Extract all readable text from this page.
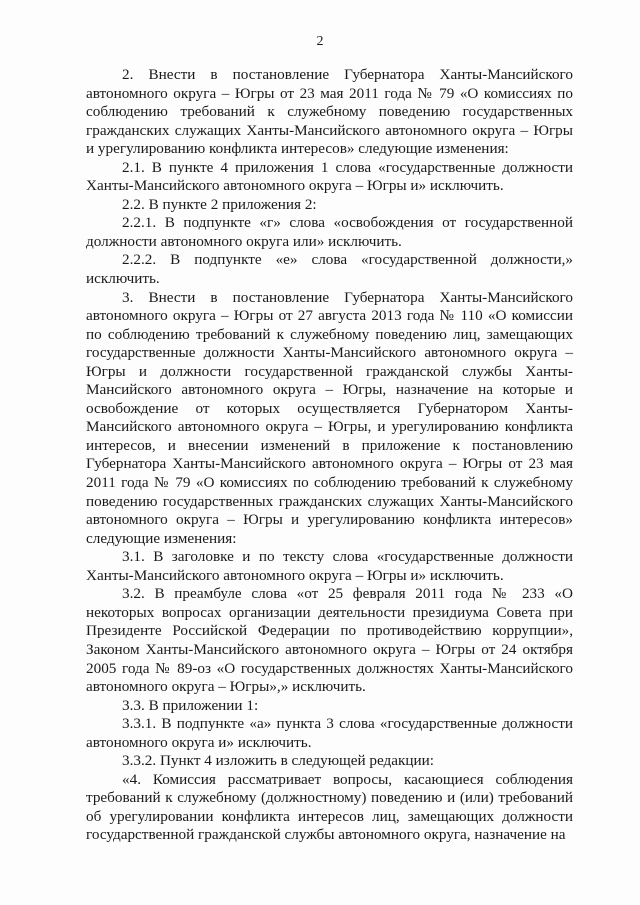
2

2. Внести в постановление Губернатора Ханты-Мансийского автономного округа – Югры от 23 мая 2011 года № 79 «О комиссиях по соблюдению требований к служебному поведению государственных гражданских служащих Ханты-Мансийского автономного округа – Югры и урегулированию конфликта интересов» следующие изменения:

2.1. В пункте 4 приложения 1 слова «государственные должности Ханты-Мансийского автономного округа – Югры и» исключить.

2.2. В пункте 2 приложения 2:

2.2.1. В подпункте «г» слова «освобождения от государственной должности автономного округа или» исключить.

2.2.2. В подпункте «е» слова «государственной должности,» исключить.

3. Внести в постановление Губернатора Ханты-Мансийского автономного округа – Югры от 27 августа 2013 года № 110 «О комиссии по соблюдению требований к служебному поведению лиц, замещающих государственные должности Ханты-Мансийского автономного округа – Югры и должности государственной гражданской службы Ханты-Мансийского автономного округа – Югры, назначение на которые и освобождение от которых осуществляется Губернатором Ханты-Мансийского автономного округа – Югры, и урегулированию конфликта интересов, и внесении изменений в приложение к постановлению Губернатора Ханты-Мансийского автономного округа – Югры от 23 мая 2011 года № 79 «О комиссиях по соблюдению требований к служебному поведению государственных гражданских служащих Ханты-Мансийского автономного округа – Югры и урегулированию конфликта интересов» следующие изменения:

3.1. В заголовке и по тексту слова «государственные должности Ханты-Мансийского автономного округа – Югры и» исключить.

3.2. В преамбуле слова «от 25 февраля 2011 года № 233 «О некоторых вопросах организации деятельности президиума Совета при Президенте Российской Федерации по противодействию коррупции», Законом Ханты-Мансийского автономного округа – Югры от 24 октября 2005 года № 89-оз «О государственных должностях Ханты-Мансийского автономного округа – Югры»,» исключить.

3.3. В приложении 1:

3.3.1. В подпункте «а» пункта 3 слова «государственные должности автономного округа и» исключить.

3.3.2. Пункт 4 изложить в следующей редакции:

«4. Комиссия рассматривает вопросы, касающиеся соблюдения требований к служебному (должностному) поведению и (или) требований об урегулировании конфликта интересов лиц, замещающих должности государственной гражданской службы автономного округа, назначение на
